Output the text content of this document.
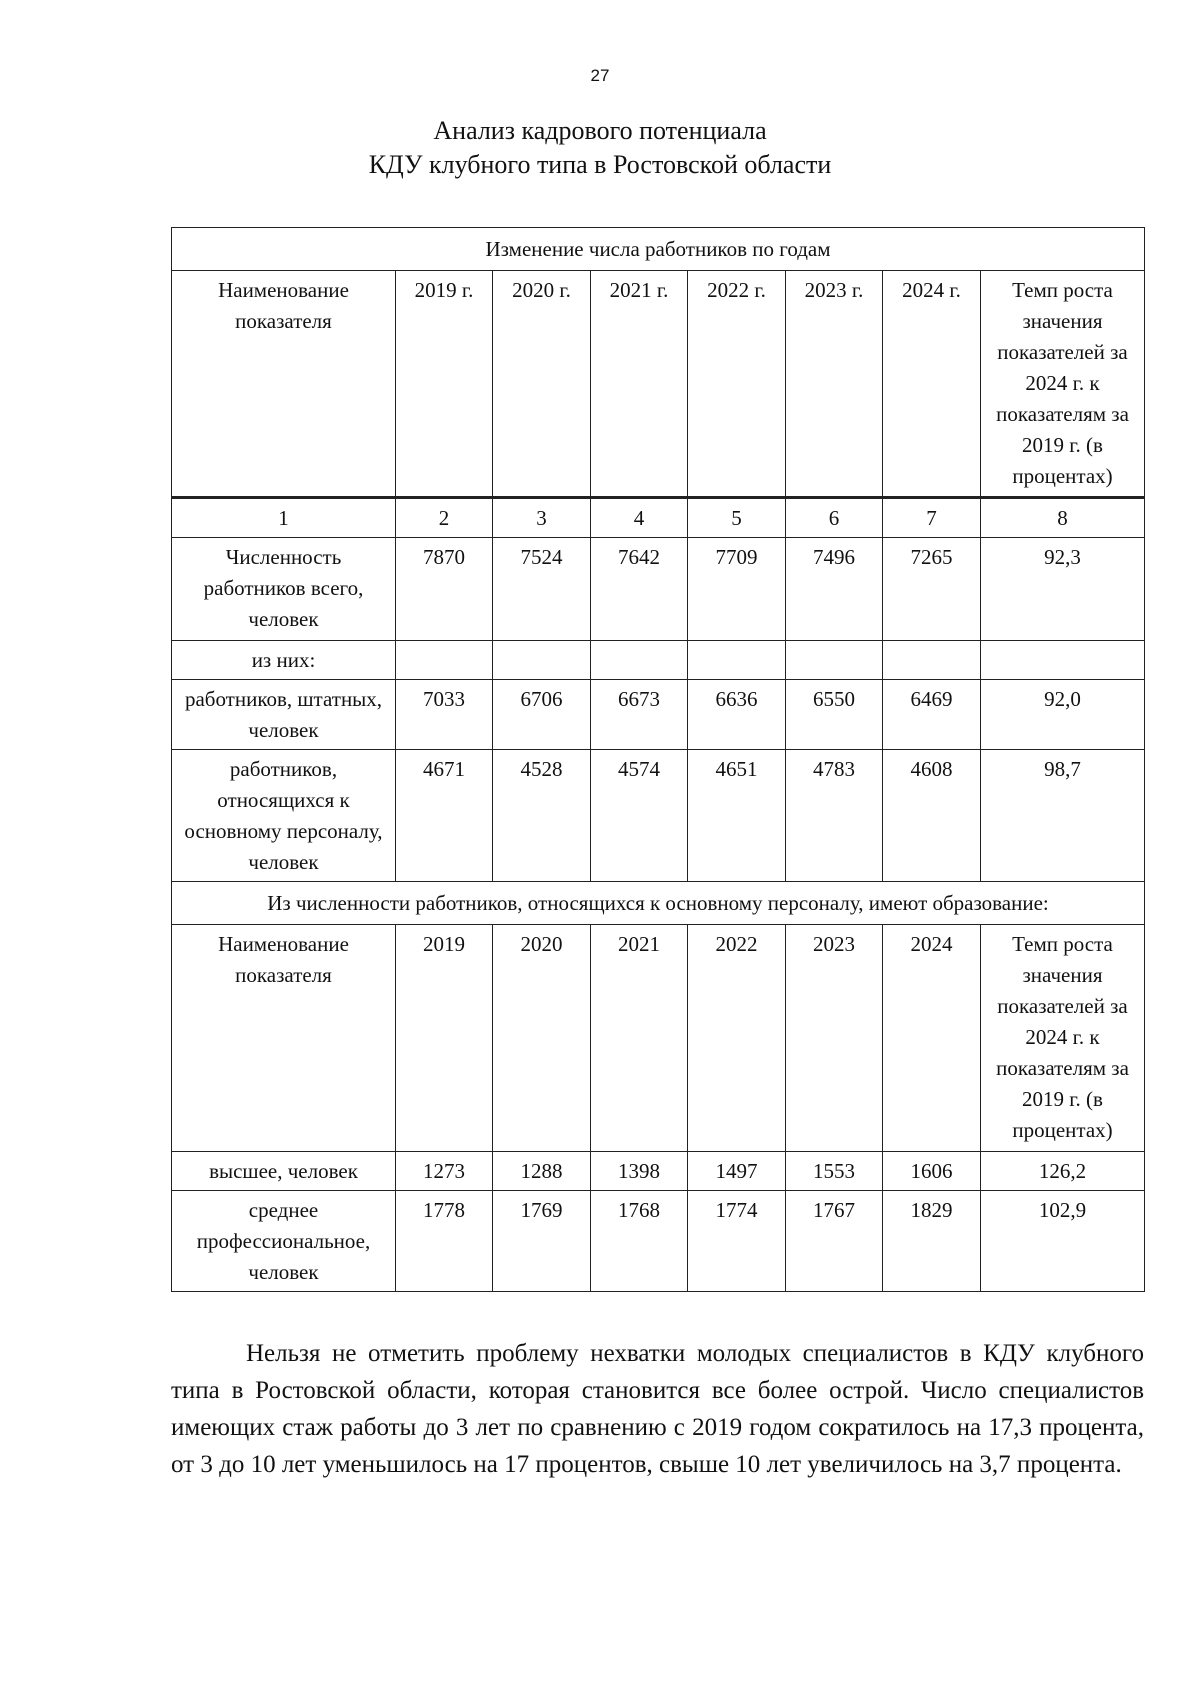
27
Анализ кадрового потенциала
КДУ клубного типа в Ростовской области
Изменение числа работников по годам							
Наименование показателя	2019 г.	2020 г.	2021 г.	2022 г.	2023 г.	2024 г.	Темп роста значения показателей за 2024 г. к показателям за 2019 г. (в процентах)
1	2	3	4	5	6	7	8
Численность работников всего, человек	7870	7524	7642	7709	7496	7265	92,3
из них:							
работников, штатных, человек	7033	6706	6673	6636	6550	6469	92,0
работников, относящихся к основному персоналу, человек	4671	4528	4574	4651	4783	4608	98,7
Из численности работников, относящихся к основному персоналу, имеют образование:							
Наименование показателя	2019	2020	2021	2022	2023	2024	Темп роста значения показателей за 2024 г. к показателям за 2019 г. (в процентах)
высшее, человек	1273	1288	1398	1497	1553	1606	126,2
среднее профессиональное, человек	1778	1769	1768	1774	1767	1829	102,9

Нельзя не отметить проблему нехватки молодых специалистов в КДУ клубного типа в Ростовской области, которая становится все более острой. Число специалистов имеющих стаж работы до 3 лет по сравнению с 2019 годом сократилось на 17,3 процента, от 3 до 10 лет уменьшилось на 17 процентов, свыше 10 лет увеличилось на 3,7 процента.
